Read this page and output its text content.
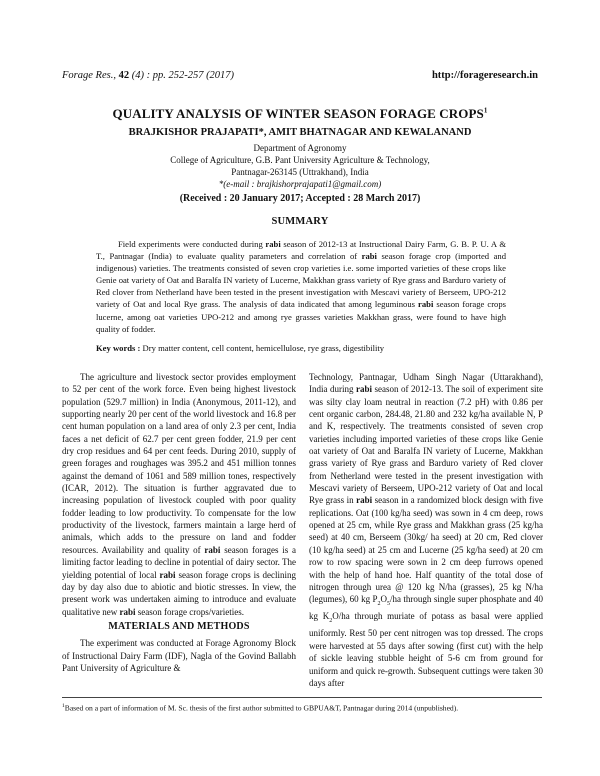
Forage Res., 42 (4) : pp. 252-257 (2017)	http://forageresearch.in
QUALITY ANALYSIS OF WINTER SEASON FORAGE CROPS$^1$
BRAJKISHOR PRAJAPATI*, AMIT BHATNAGAR AND KEWALANAND
Department of Agronomy
College of Agriculture, G.B. Pant University Agriculture & Technology,
Pantnagar-263145 (Uttrakhand), India
*(e-mail : brajkishorprajapati1@gmail.com)
(Received : 20 January 2017; Accepted : 28 March 2017)
SUMMARY

Field experiments were conducted during rabi season of 2012-13 at Instructional Dairy Farm, G. B. P. U. A & T., Pantnagar (India) to evaluate quality parameters and correlation of rabi season forage crop (imported and indigenous) varieties. The treatments consisted of seven crop varieties i.e. some imported varieties of these crops like Genie oat variety of Oat and Baralfa IN variety of Lucerne, Makkhan grass variety of Rye grass and Barduro variety of Red clover from Netherland have been tested in the present investigation with Mescavi variety of Berseem, UPO-212 variety of Oat and local Rye grass. The analysis of data indicated that among leguminous rabi season forage crops lucerne, among oat varieties UPO-212 and among rye grasses varieties Makkhan grass, were found to have high quality of fodder.

Key words : Dry matter content, cell content, hemicellulose, rye grass, digestibility

The agriculture and livestock sector provides employment to 52 per cent of the work force. Even being highest livestock population (529.7 million) in India (Anonymous, 2011-12), and supporting nearly 20 per cent of the world livestock and 16.8 per cent human population on a land area of only 2.3 per cent, India faces a net deficit of 62.7 per cent green fodder, 21.9 per cent dry crop residues and 64 per cent feeds. During 2010, supply of green forages and roughages was 395.2 and 451 million tonnes against the demand of 1061 and 589 million tones, respectively (ICAR, 2012). The situation is further aggravated due to increasing population of livestock coupled with poor quality fodder leading to low productivity. To compensate for the low productivity of the livestock, farmers maintain a large herd of animals, which adds to the pressure on land and fodder resources. Availability and quality of rabi season forages is a limiting factor leading to decline in potential of dairy sector. The yielding potential of local rabi season forage crops is declining day by day also due to abiotic and biotic stresses. In view, the present work was undertaken aiming to introduce and evaluate qualitative new rabi season forage crops/varieties.

MATERIALS AND METHODS

The experiment was conducted at Forage Agronomy Block of Instructional Dairy Farm (IDF), Nagla of the Govind Ballabh Pant University of Agriculture &

Technology, Pantnagar, Udham Singh Nagar (Uttarakhand), India during rabi season of 2012-13. The soil of experiment site was silty clay loam neutral in reaction (7.2 pH) with 0.86 per cent organic carbon, 284.48, 21.80 and 232 kg/ha available N, P and K, respectively. The treatments consisted of seven crop varieties including imported varieties of these crops like Genie oat variety of Oat and Baralfa IN variety of Lucerne, Makkhan grass variety of Rye grass and Barduro variety of Red clover from Netherland were tested in the present investigation with Mescavi variety of Berseem, UPO-212 variety of Oat and local Rye grass in rabi season in a randomized block design with five replications. Oat (100 kg/ha seed) was sown in 4 cm deep, rows opened at 25 cm, while Rye grass and Makkhan grass (25 kg/ha seed) at 40 cm, Berseem (30kg/ ha seed) at 20 cm, Red clover (10 kg/ha seed) at 25 cm and Lucerne (25 kg/ha seed) at 20 cm row to row spacing were sown in 2 cm deep furrows opened with the help of hand hoe. Half quantity of the total dose of nitrogen through urea @ 120 kg N/ha (grasses), 25 kg N/ha (legumes), 60 kg $P_2O_5/ha$ through single super phosphate and 40 kg $K_2O/ha$ through muriate of potass as basal were applied uniformly. Rest 50 per cent nitrogen was top dressed. The crops were harvested at 55 days after sowing (first cut) with the help of sickle leaving stubble height of 5-6 cm from ground for uniform and quick re-growth. Subsequent cuttings were taken 30 days after

$^1$Based on a part of information of M. Sc. thesis of the first author submitted to GBPUA&T, Pantnagar during 2014 (unpublished).
